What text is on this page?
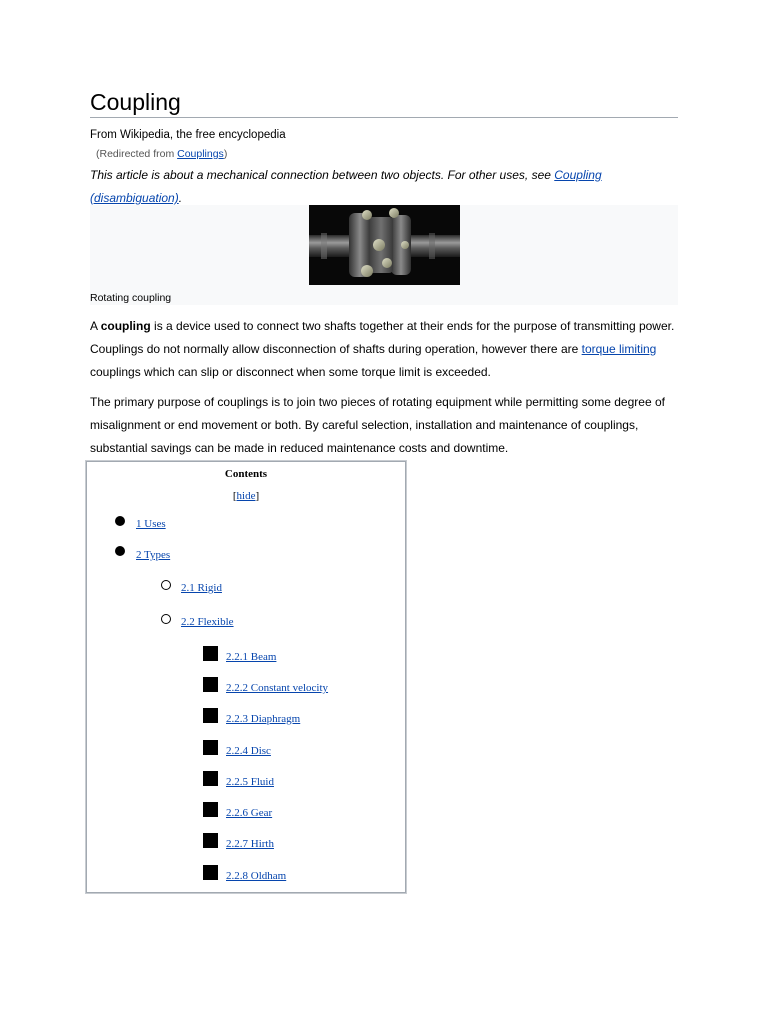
Coupling
From Wikipedia, the free encyclopedia
(Redirected from Couplings)
This article is about a mechanical connection between two objects. For other uses, see Coupling (disambiguation).
Rotating coupling

A coupling is a device used to connect two shafts together at their ends for the purpose of transmitting power. Couplings do not normally allow disconnection of shafts during operation, however there are torque limiting couplings which can slip or disconnect when some torque limit is exceeded.

The primary purpose of couplings is to join two pieces of rotating equipment while permitting some degree of misalignment or end movement or both. By careful selection, installation and maintenance of couplings, substantial savings can be made in reduced maintenance costs and downtime.

Contents
[hide]
1 Uses
2 Types
2.1 Rigid
2.2 Flexible
2.2.1 Beam
2.2.2 Constant velocity
2.2.3 Diaphragm
2.2.4 Disc
2.2.5 Fluid
2.2.6 Gear
2.2.7 Hirth
2.2.8 Oldham
